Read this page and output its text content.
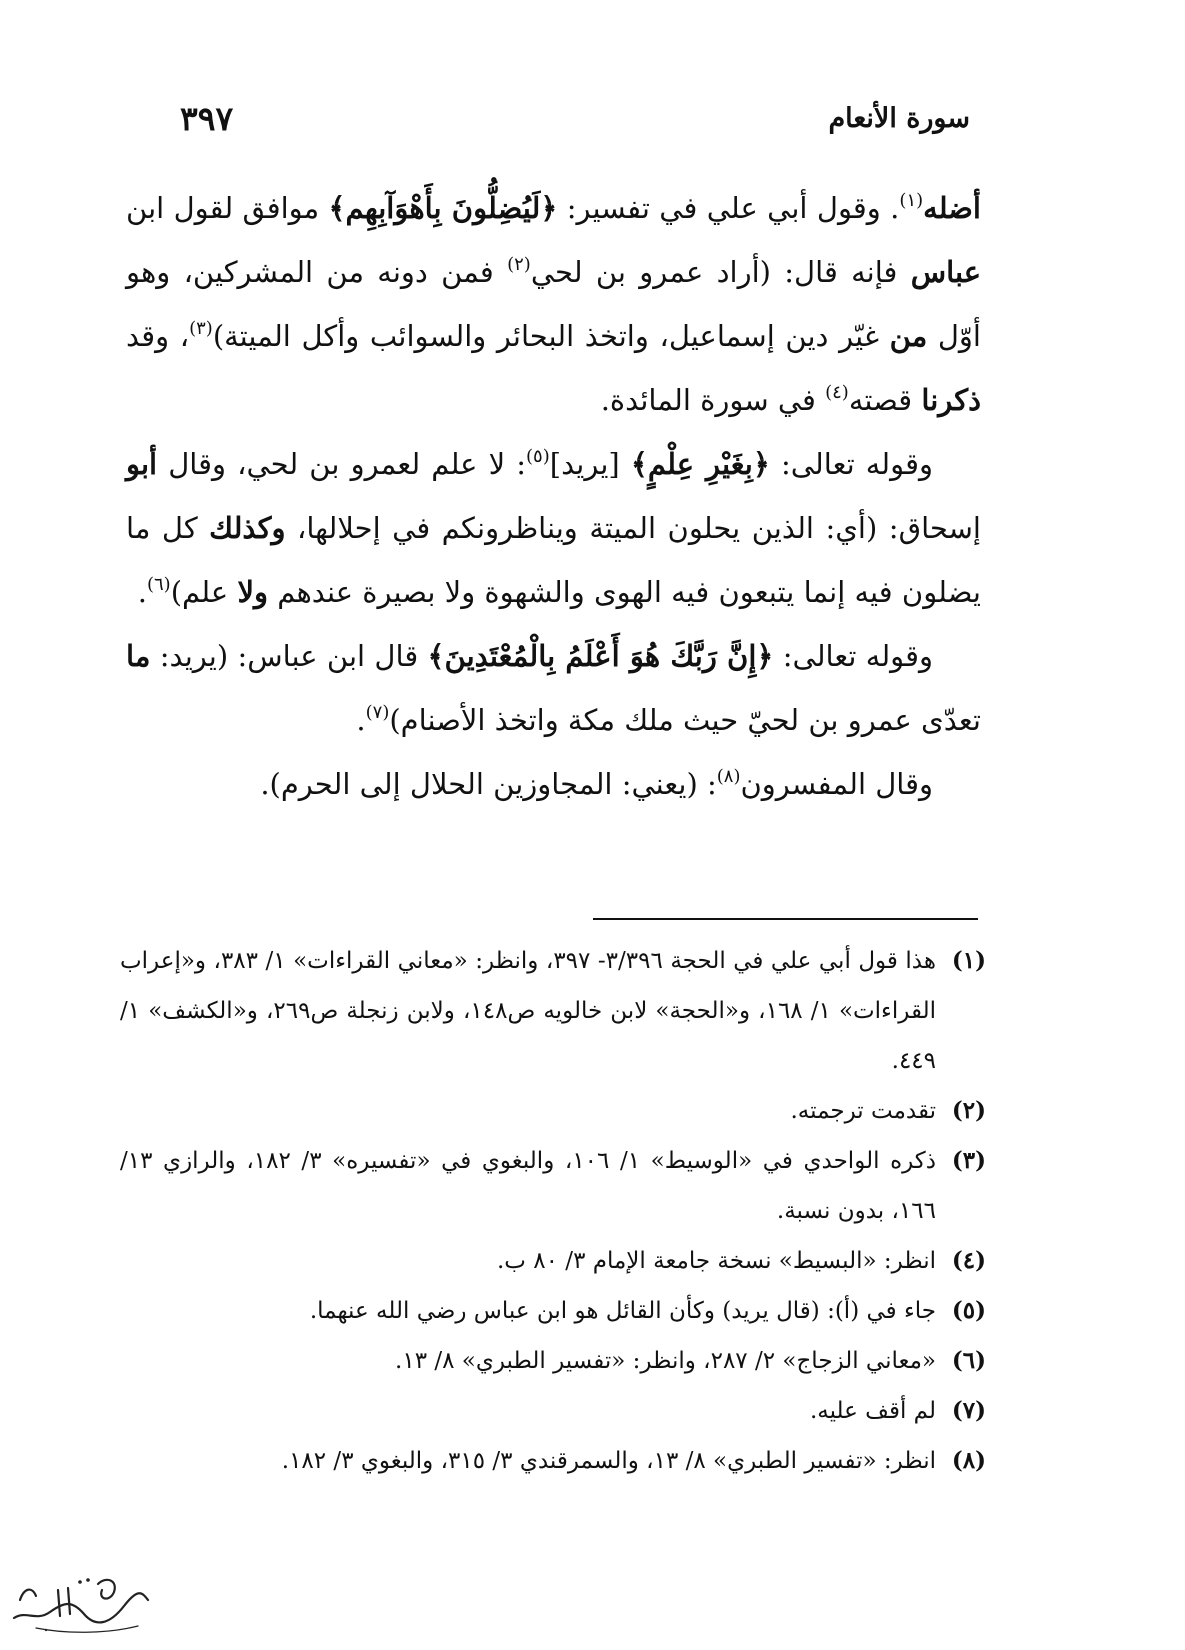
سورة الأنعام
٣٩٧

أضله$^{(١)}$. وقول أبي علي في تفسير: ﴿لَيُضِلُّونَ بِأَهْوَآبِهِم﴾ موافق لقول ابن عباس فإنه قال: (أراد عمرو بن لحي$^{(٢)}$ فمن دونه من المشركين، وهو أوّل من غيّر دين إسماعيل، واتخذ البحائر والسوائب وأكل الميتة)$^{(٣)}$، وقد ذكرنا قصته$^{(٤)}$ في سورة المائدة.

وقوله تعالى: ﴿بِغَيْرِ عِلْمٍ﴾ [يريد]$^{(٥)}$: لا علم لعمرو بن لحي، وقال أبو إسحاق: (أي: الذين يحلون الميتة ويناظرونكم في إحلالها، وكذلك كل ما يضلون فيه إنما يتبعون فيه الهوى والشهوة ولا بصيرة عندهم ولا علم)$^{(٦)}$.

وقوله تعالى: ﴿إِنَّ رَبَّكَ هُوَ أَعْلَمُ بِالْمُعْتَدِينَ﴾ قال ابن عباس: (يريد: ما تعدّى عمرو بن لحيّ حيث ملك مكة واتخذ الأصنام)$^{(٧)}$.

وقال المفسرون$^{(٨)}$: (يعني: المجاوزين الحلال إلى الحرم).

(١)
هذا قول أبي علي في الحجة ٣/٣٩٦- ٣٩٧، وانظر: «معاني القراءات» ١/ ٣٨٣، و«إعراب القراءات» ١/ ١٦٨، و«الحجة» لابن خالويه ص١٤٨، ولابن زنجلة ص٢٦٩، و«الكشف» ١/ ٤٤٩.
(٢)
تقدمت ترجمته.
(٣)
ذكره الواحدي في «الوسيط» ١/ ١٠٦، والبغوي في «تفسيره» ٣/ ١٨٢، والرازي ١٣/ ١٦٦، بدون نسبة.
(٤)
انظر: «البسيط» نسخة جامعة الإمام ٣/ ٨٠ ب.
(٥)
جاء في (أ): (قال يريد) وكأن القائل هو ابن عباس رضي الله عنهما.
(٦)
«معاني الزجاج» ٢/ ٢٨٧، وانظر: «تفسير الطبري» ٨/ ١٣.
(٧)
لم أقف عليه.
(٨)
انظر: «تفسير الطبري» ٨/ ١٣، والسمرقندي ٣/ ٣١٥، والبغوي ٣/ ١٨٢.
